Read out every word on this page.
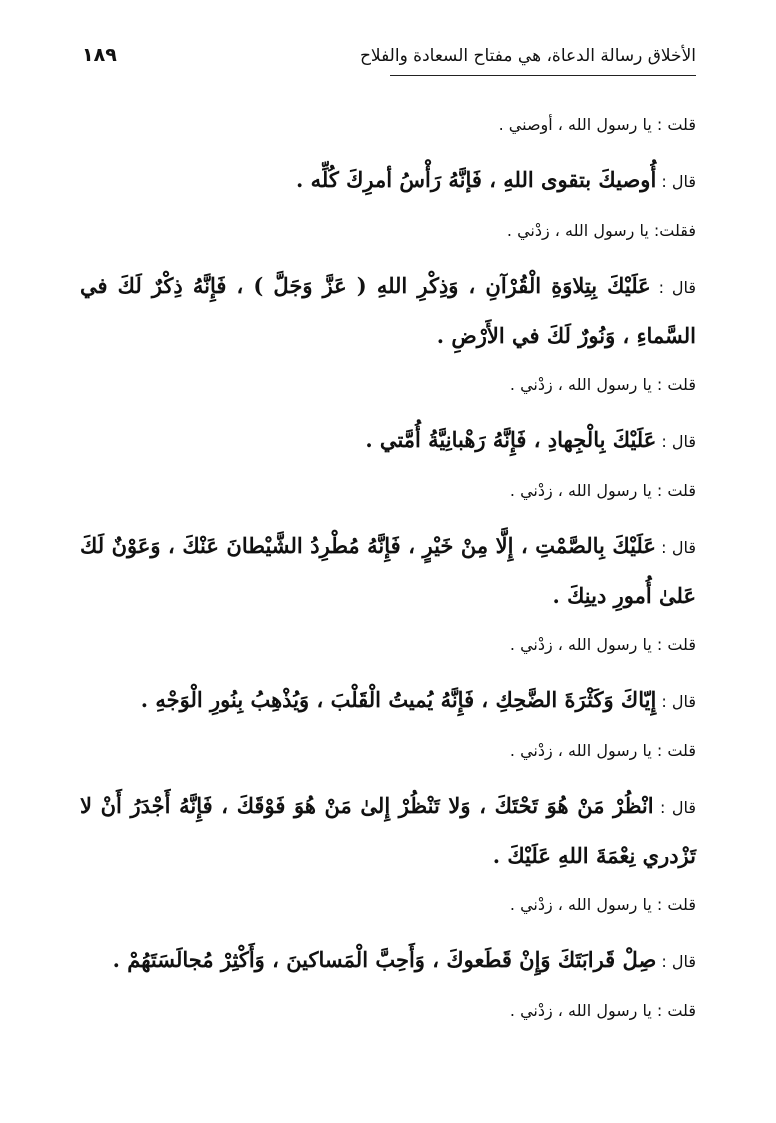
الأخلاق رسالة الدعاة، هي مفتاح السعادة والفلاح
١٨٩

قلت : يا رسول الله ، أوصني .

قال : أُوصيكَ بتقوى اللهِ ، فَإنَّهُ رَأْسُ أمرِكَ كُلِّه .

فقلت: يا رسول الله ، زدْني .

قال : عَلَيْكَ بِتِلاوَةِ الْقُرْآنِ ، وَذِكْرِ اللهِ ( عَزَّ وَجَلَّ ) ، فَإِنَّهُ ذِكْرٌ لَكَ في السَّماءِ ، وَنُورٌ لَكَ في الأَرْضِ .

قلت : يا رسول الله ، زدْني .

قال : عَلَيْكَ بِالْجِهادِ ، فَإِنَّهُ رَهْبانِيَّةُ أُمَّتي .

قلت : يا رسول الله ، زدْني .

قال : عَلَيْكَ بِالصَّمْتِ ، إِلَّا مِنْ خَيْرٍ ، فَإِنَّهُ مُطْرِدُ الشَّيْطانَ عَنْكَ ، وَعَوْنٌ لَكَ عَلىٰ أُمورِ دينِكَ .

قلت : يا رسول الله ، زدْني .

قال : إِيّاكَ وَكَثْرَةَ الضَّحِكِ ، فَإِنَّهُ يُميتُ الْقَلْبَ ، وَيُذْهِبُ بِنُورِ الْوَجْهِ .

قلت : يا رسول الله ، زدْني .

قال : انْظُرْ مَنْ هُوَ تَحْتَكَ ، وَلا تَنْظُرْ إِلىٰ مَنْ هُوَ فَوْقَكَ ، فَإِنَّهُ أَجْدَرُ أَنْ لا تَزْدري نِعْمَةَ اللهِ عَلَيْكَ .

قلت : يا رسول الله ، زدْني .

قال : صِلْ قَرابَتَكَ وَإِنْ قَطَعوكَ ، وَأَحِبَّ الْمَساكينَ ، وَأَكْثِرْ مُجالَسَتَهُمْ .

قلت : يا رسول الله ، زدْني .
